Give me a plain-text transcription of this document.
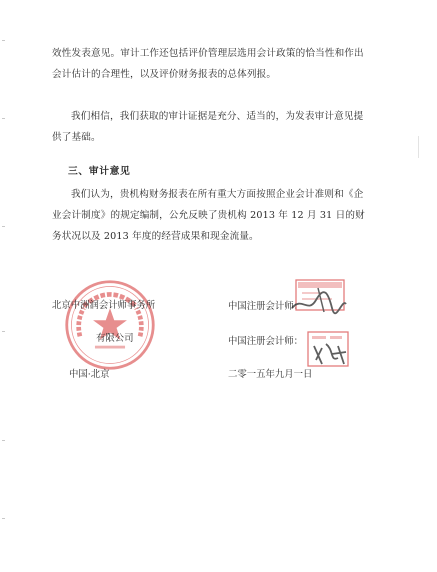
效性发表意见。审计工作还包括评价管理层选用会计政策的恰当性和作出会计估计的合理性，以及评价财务报表的总体列报。

我们相信，我们获取的审计证据是充分、适当的，为发表审计意见提供了基础。

三、审计意见

我们认为，贵机构财务报表在所有重大方面按照企业会计准则和《企业会计制度》的规定编制，公允反映了贵机构 2013 年 12 月 31 日的财务状况以及 2013 年度的经营成果和现金流量。

北京中洲润会计师事务所
有限公司
中国·北京
中国注册会计师：
中国注册会计师：
二零一五年九月一日
